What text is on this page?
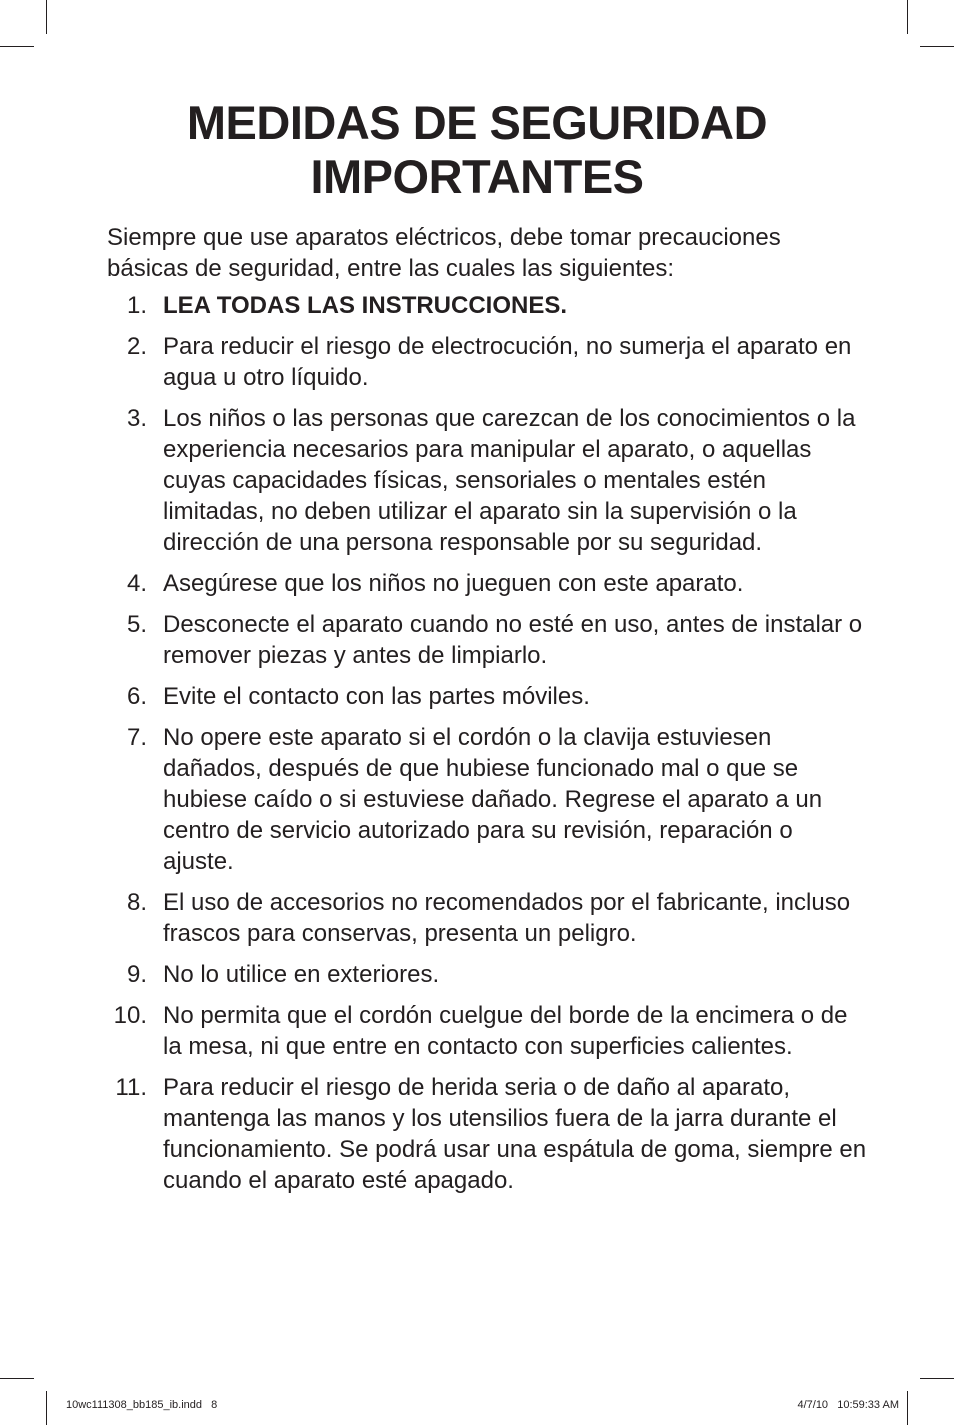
MEDIDAS DE SEGURIDAD
IMPORTANTES

Siempre que use aparatos eléctricos, debe tomar precauciones básicas de seguridad, entre las cuales las siguientes:

1. LEA TODAS LAS INSTRUCCIONES.
2. Para reducir el riesgo de electrocución, no sumerja el aparato en agua u otro líquido.
3. Los niños o las personas que carezcan de los conocimientos o la experiencia necesarios para manipular el aparato, o aquellas cuyas capacidades físicas, sensoriales o mentales estén limitadas, no deben utilizar el aparato sin la supervisión o la dirección de una persona responsable por su seguridad.
4. Asegúrese que los niños no jueguen con este aparato.
5. Desconecte el aparato cuando no esté en uso, antes de instalar o remover piezas y antes de limpiarlo.
6. Evite el contacto con las partes móviles.
7. No opere este aparato si el cordón o la clavija estuviesen dañados, después de que hubiese funcionado mal o que se hubiese caído o si estuviese dañado. Regrese el aparato a un centro de servicio autorizado para su revisión, reparación o ajuste.
8. El uso de accesorios no recomendados por el fabricante, incluso frascos para conservas, presenta un peligro.
9. No lo utilice en exteriores.
10. No permita que el cordón cuelgue del borde de la encimera o de la mesa, ni que entre en contacto con superficies calientes.
11. Para reducir el riesgo de herida seria o de daño al aparato, mantenga las manos y los utensilios fuera de la jarra durante el funcionamiento. Se podrá usar una espátula de goma, siempre en cuando el aparato esté apagado.
10wc111308_bb185_ib.indd   8	4/7/10   10:59:33 AM
